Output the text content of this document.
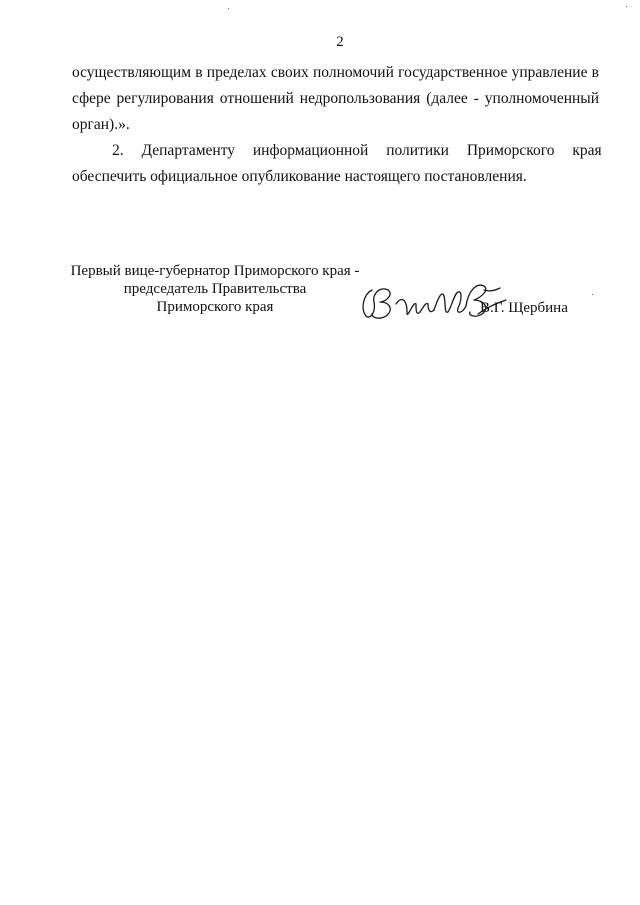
2
осуществляющим в пределах своих полномочий государственное управление в
сфере регулирования отношений недропользования (далее - уполномоченный
орган).».
2. Департаменту информационной политики Приморского края
обеспечить официальное опубликование настоящего постановления.
Первый вице-губернатор Приморского края -
председатель Правительства
Приморского края	В.Г. Щербина
